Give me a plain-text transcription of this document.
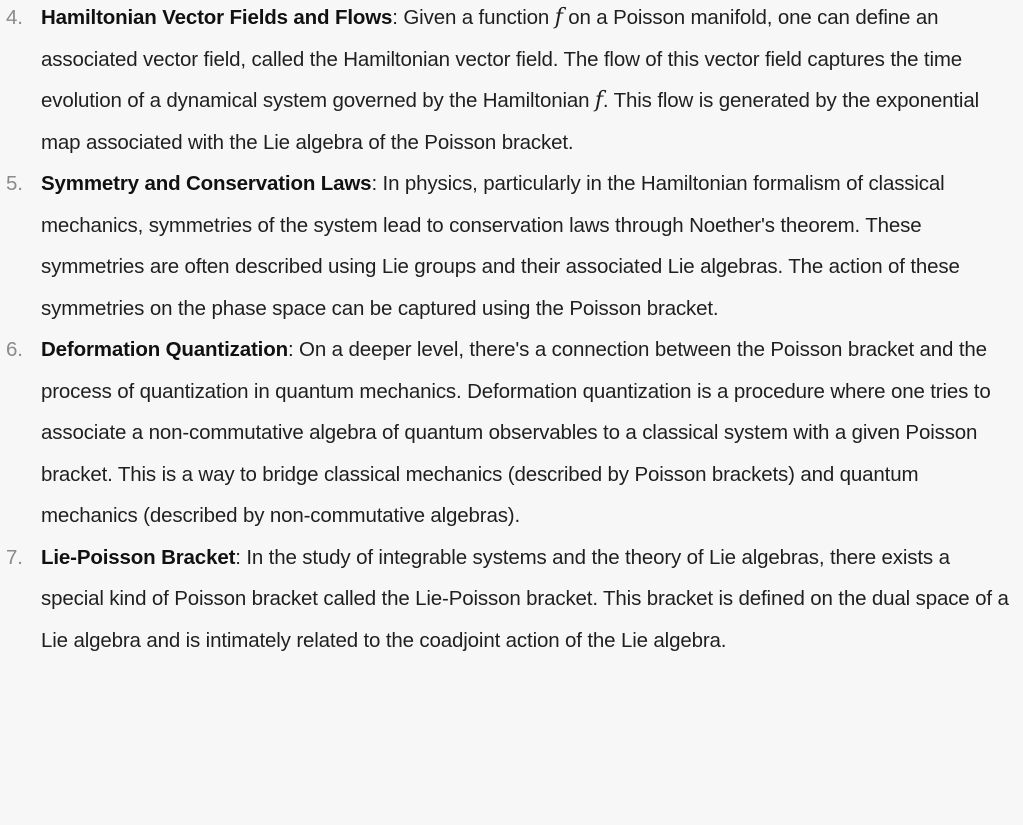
4. Hamiltonian Vector Fields and Flows: Given a function f on a Poisson manifold, one can define an associated vector field, called the Hamiltonian vector field. The flow of this vector field captures the time evolution of a dynamical system governed by the Hamiltonian f. This flow is generated by the exponential map associated with the Lie algebra of the Poisson bracket.
5. Symmetry and Conservation Laws: In physics, particularly in the Hamiltonian formalism of classical mechanics, symmetries of the system lead to conservation laws through Noether's theorem. These symmetries are often described using Lie groups and their associated Lie algebras. The action of these symmetries on the phase space can be captured using the Poisson bracket.
6. Deformation Quantization: On a deeper level, there's a connection between the Poisson bracket and the process of quantization in quantum mechanics. Deformation quantization is a procedure where one tries to associate a non-commutative algebra of quantum observables to a classical system with a given Poisson bracket. This is a way to bridge classical mechanics (described by Poisson brackets) and quantum mechanics (described by non-commutative algebras).
7. Lie-Poisson Bracket: In the study of integrable systems and the theory of Lie algebras, there exists a special kind of Poisson bracket called the Lie-Poisson bracket. This bracket is defined on the dual space of a Lie algebra and is intimately related to the coadjoint action of the Lie algebra.
